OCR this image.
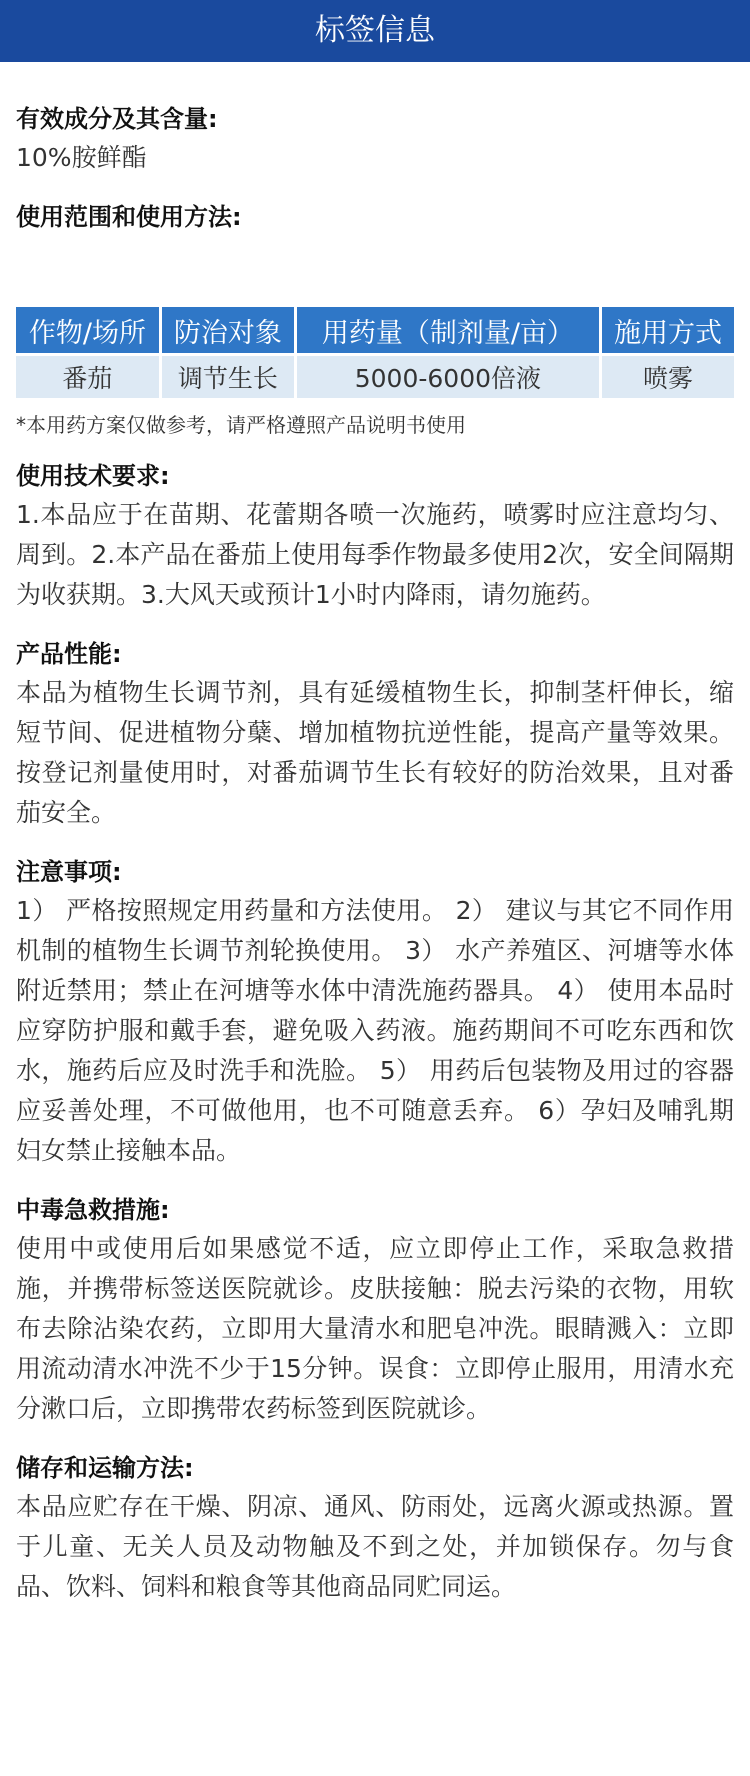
标签信息
有效成分及其含量:
10%胺鲜酯
使用范围和使用方法:
作物/场所	防治对象	用药量（制剂量/亩）	施用方式
番茄	调节生长	5000-6000倍液	喷雾
*本用药方案仅做参考，请严格遵照产品说明书使用
使用技术要求:
1.本品应于在苗期、花蕾期各喷一次施药，喷雾时应注意均匀、周到。2.本产品在番茄上使用每季作物最多使用2次，安全间隔期为收获期。3.大风天或预计1小时内降雨，请勿施药。
产品性能:
本品为植物生长调节剂，具有延缓植物生长，抑制茎杆伸长，缩短节间、促进植物分蘖、增加植物抗逆性能，提高产量等效果。按登记剂量使用时，对番茄调节生长有较好的防治效果，且对番茄安全。
注意事项:
1） 严格按照规定用药量和方法使用。 2） 建议与其它不同作用机制的植物生长调节剂轮换使用。 3） 水产养殖区、河塘等水体附近禁用；禁止在河塘等水体中清洗施药器具。 4） 使用本品时应穿防护服和戴手套，避免吸入药液。施药期间不可吃东西和饮水，施药后应及时洗手和洗脸。 5） 用药后包装物及用过的容器应妥善处理，不可做他用，也不可随意丢弃。 6）孕妇及哺乳期妇女禁止接触本品。
中毒急救措施:
使用中或使用后如果感觉不适，应立即停止工作，采取急救措施，并携带标签送医院就诊。皮肤接触：脱去污染的衣物，用软布去除沾染农药，立即用大量清水和肥皂冲洗。眼睛溅入：立即用流动清水冲洗不少于15分钟。误食：立即停止服用，用清水充分漱口后，立即携带农药标签到医院就诊。
储存和运输方法:
本品应贮存在干燥、阴凉、通风、防雨处，远离火源或热源。置于儿童、无关人员及动物触及不到之处，并加锁保存。勿与食品、饮料、饲料和粮食等其他商品同贮同运。
